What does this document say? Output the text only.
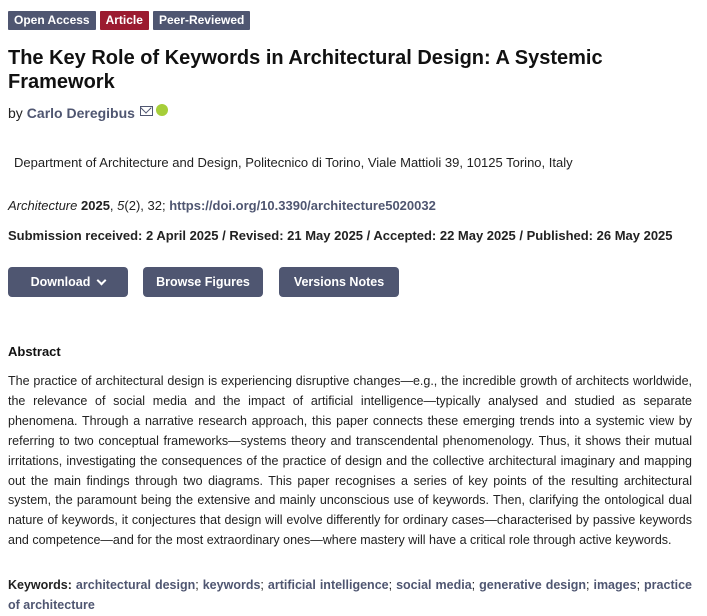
Open Access	Article	Peer-Reviewed
The Key Role of Keywords in Architectural Design: A Systemic Framework
by Carlo Deregibus
Department of Architecture and Design, Politecnico di Torino, Viale Mattioli 39, 10125 Torino, Italy
Architecture 2025, 5(2), 32; https://doi.org/10.3390/architecture5020032
Submission received: 2 April 2025 / Revised: 21 May 2025 / Accepted: 22 May 2025 / Published: 26 May 2025
Download	Browse Figures	Versions Notes
Abstract

The practice of architectural design is experiencing disruptive changes—e.g., the incredible growth of architects worldwide, the relevance of social media and the impact of artificial intelligence—typically analysed and studied as separate phenomena. Through a narrative research approach, this paper connects these emerging trends into a systemic view by referring to two conceptual frameworks—systems theory and transcendental phenomenology. Thus, it shows their mutual irritations, investigating the consequences of the practice of design and the collective architectural imaginary and mapping out the main findings through two diagrams. This paper recognises a series of key points of the resulting architectural system, the paramount being the extensive and mainly unconscious use of keywords. Then, clarifying the ontological dual nature of keywords, it conjectures that design will evolve differently for ordinary cases—characterised by passive keywords and competence—and for the most extraordinary ones—where mastery will have a critical role through active keywords.

Keywords: architectural design; keywords; artificial intelligence; social media; generative design; images; practice of architecture
